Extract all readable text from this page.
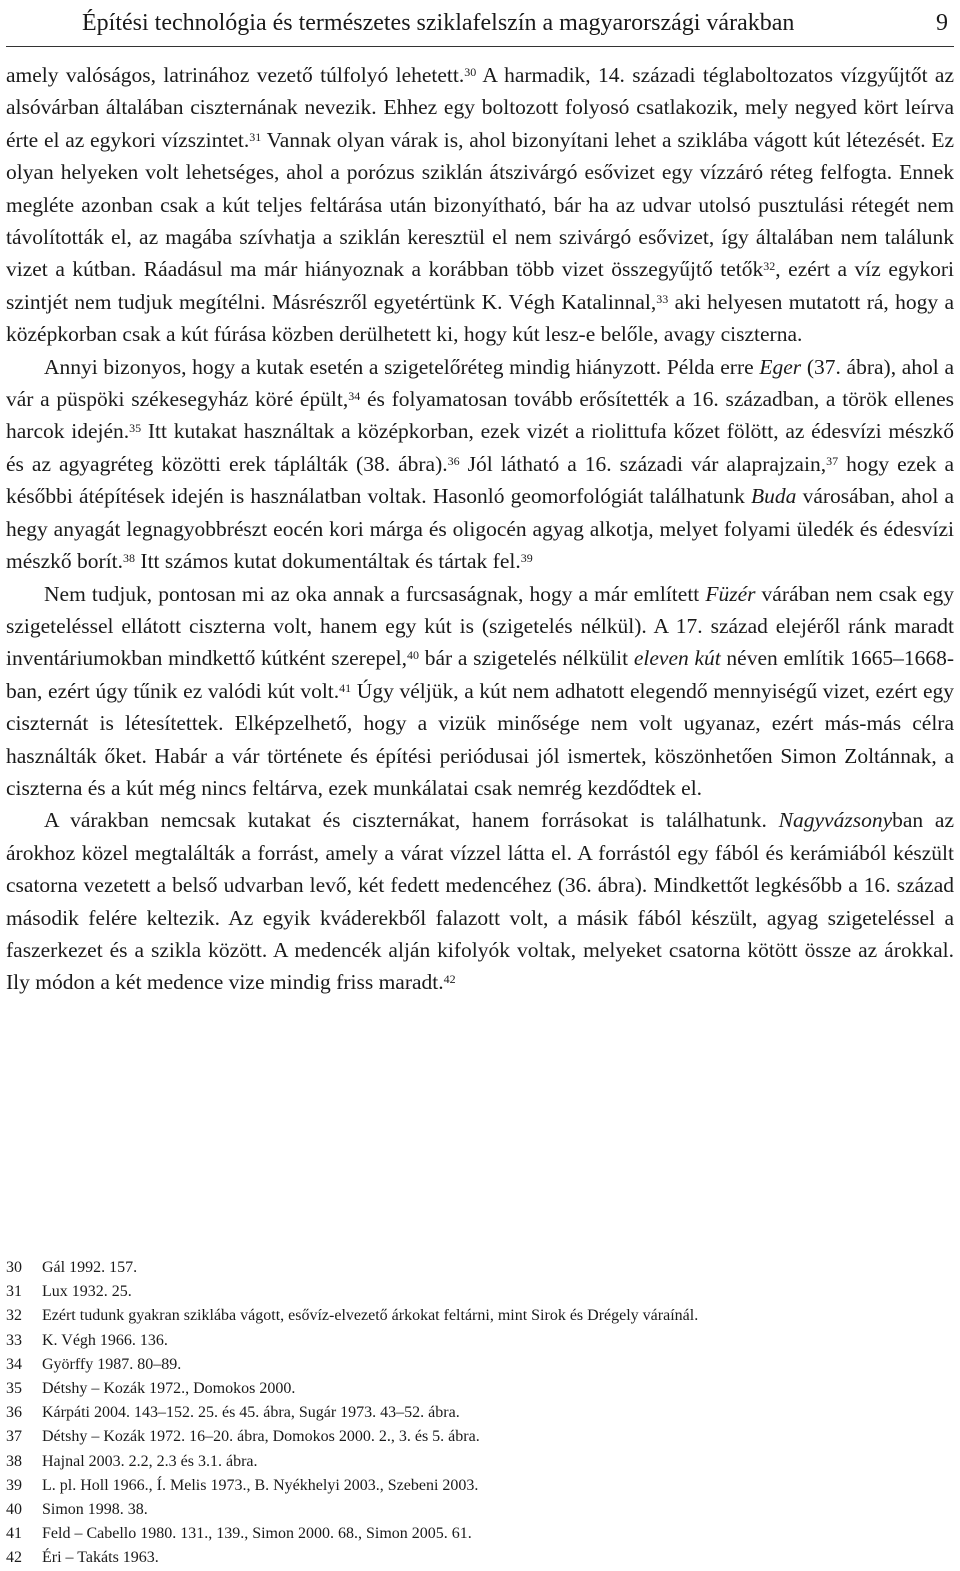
Építési technológia és természetes sziklafelszín a magyarországi várakban	9

amely valóságos, latrinához vezető túlfolyó lehetett.$^{30}$ A harmadik, 14. századi téglaboltozatos vízgyűjtőt az alsóvárban általában ciszternának nevezik. Ehhez egy boltozott folyosó csatlakozik, mely negyed kört leírva érte el az egykori vízszintet.$^{31}$ Vannak olyan várak is, ahol bizonyítani lehet a sziklába vágott kút létezését. Ez olyan helyeken volt lehetséges, ahol a porózus sziklán átszivárgó esővizet egy vízzáró réteg felfogta. Ennek megléte azonban csak a kút teljes feltárása után bizonyítható, bár ha az udvar utolsó pusztulási rétegét nem távolították el, az magába szívhatja a sziklán keresztül el nem szivárgó esővizet, így általában nem találunk vizet a kútban. Ráadásul ma már hiányoznak a korábban több vizet összegyűjtő tetők$^{32}$, ezért a víz egykori szintjét nem tudjuk megítélni. Másrészről egyetértünk K. Végh Katalinnal,$^{33}$ aki helyesen mutatott rá, hogy a középkorban csak a kút fúrása közben derülhetett ki, hogy kút lesz-e belőle, avagy ciszterna.

Annyi bizonyos, hogy a kutak esetén a szigetelőréteg mindig hiányzott. Példa erre Eger (37. ábra), ahol a vár a püspöki székesegyház köré épült,$^{34}$ és folyamatosan tovább erősítették a 16. században, a török ellenes harcok idején.$^{35}$ Itt kutakat használtak a középkorban, ezek vizét a riolittufa kőzet fölött, az édesvízi mészkő és az agyagréteg közötti erek táplálták (38. ábra).$^{36}$ Jól látható a 16. századi vár alaprajzain,$^{37}$ hogy ezek a későbbi átépítések idején is használatban voltak. Hasonló geomorfológiát találhatunk Buda városában, ahol a hegy anyagát legnagyobbrészt eocén kori márga és oligocén agyag alkotja, melyet folyami üledék és édesvízi mészkő borít.$^{38}$ Itt számos kutat dokumentáltak és tártak fel.$^{39}$

Nem tudjuk, pontosan mi az oka annak a furcsaságnak, hogy a már említett Füzér várában nem csak egy szigeteléssel ellátott ciszterna volt, hanem egy kút is (szigetelés nélkül). A 17. század elejéről ránk maradt inventáriumokban mindkettő kútként szerepel,$^{40}$ bár a szigetelés nélkülit eleven kút néven említik 1665–1668-ban, ezért úgy tűnik ez valódi kút volt.$^{41}$ Úgy véljük, a kút nem adhatott elegendő mennyiségű vizet, ezért egy ciszternát is létesítettek. Elképzelhető, hogy a vizük minősége nem volt ugyanaz, ezért más-más célra használták őket. Habár a vár története és építési periódusai jól ismertek, köszönhetően Simon Zoltánnak, a ciszterna és a kút még nincs feltárva, ezek munkálatai csak nemrég kezdődtek el.

A várakban nemcsak kutakat és ciszternákat, hanem forrásokat is találhatunk. Nagyvázsonyban az árokhoz közel megtalálták a forrást, amely a várat vízzel látta el. A forrástól egy fából és kerámiából készült csatorna vezetett a belső udvarban levő, két fedett medencéhez (36. ábra). Mindkettőt legkésőbb a 16. század második felére keltezik. Az egyik kváderekből falazott volt, a másik fából készült, agyag szigeteléssel a faszerkezet és a szikla között. A medencék alján kifolyók voltak, melyeket csatorna kötött össze az árokkal. Ily módon a két medence vize mindig friss maradt.$^{42}$

30	Gál 1992. 157.
31	Lux 1932. 25.
32	Ezért tudunk gyakran sziklába vágott, esővíz-elvezető árkokat feltárni, mint Sirok és Drégely váraínál.
33	K. Végh 1966. 136.
34	Györffy 1987. 80–89.
35	Détshy – Kozák 1972., Domokos 2000.
36	Kárpáti 2004. 143–152. 25. és 45. ábra, Sugár 1973. 43–52. ábra.
37	Détshy – Kozák 1972. 16–20. ábra, Domokos 2000. 2., 3. és 5. ábra.
38	Hajnal 2003. 2.2, 2.3 és 3.1. ábra.
39	L. pl. Holl 1966., Í. Melis 1973., B. Nyékhelyi 2003., Szebeni 2003.
40	Simon 1998. 38.
41	Feld – Cabello 1980. 131., 139., Simon 2000. 68., Simon 2005. 61.
42	Éri – Takáts 1963.
